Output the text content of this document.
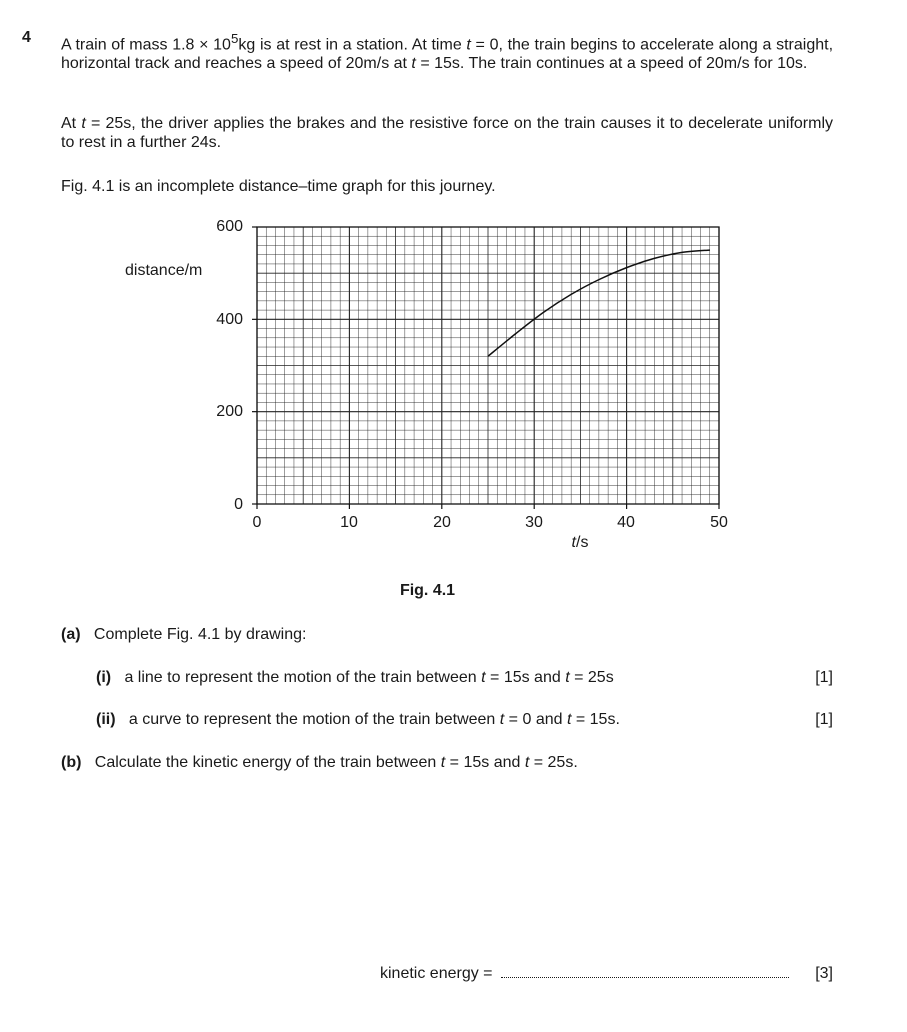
4 A train of mass $1.8 \times 10^5kg$ is at rest in a station. At time t = 0, the train begins to accelerate along a straight, horizontal track and reaches a speed of 20m/s at t = 15s. The train continues at a speed of 20m/s for 10s.
At t = 25s, the driver applies the brakes and the resistive force on the train causes it to decelerate uniformly to rest in a further 24s.
Fig. 4.1 is an incomplete distance–time graph for this journey.
distance/m
0
200
400
600
0	10	20	30	40	50
t/s
Fig. 4.1
(a) Complete Fig. 4.1 by drawing:
(i) a line to represent the motion of the train between t = 15s and t = 25s	[1]
(ii) a curve to represent the motion of the train between t = 0 and t = 15s.	[1]
(b) Calculate the kinetic energy of the train between t = 15s and t = 25s.
kinetic energy =	[3]
